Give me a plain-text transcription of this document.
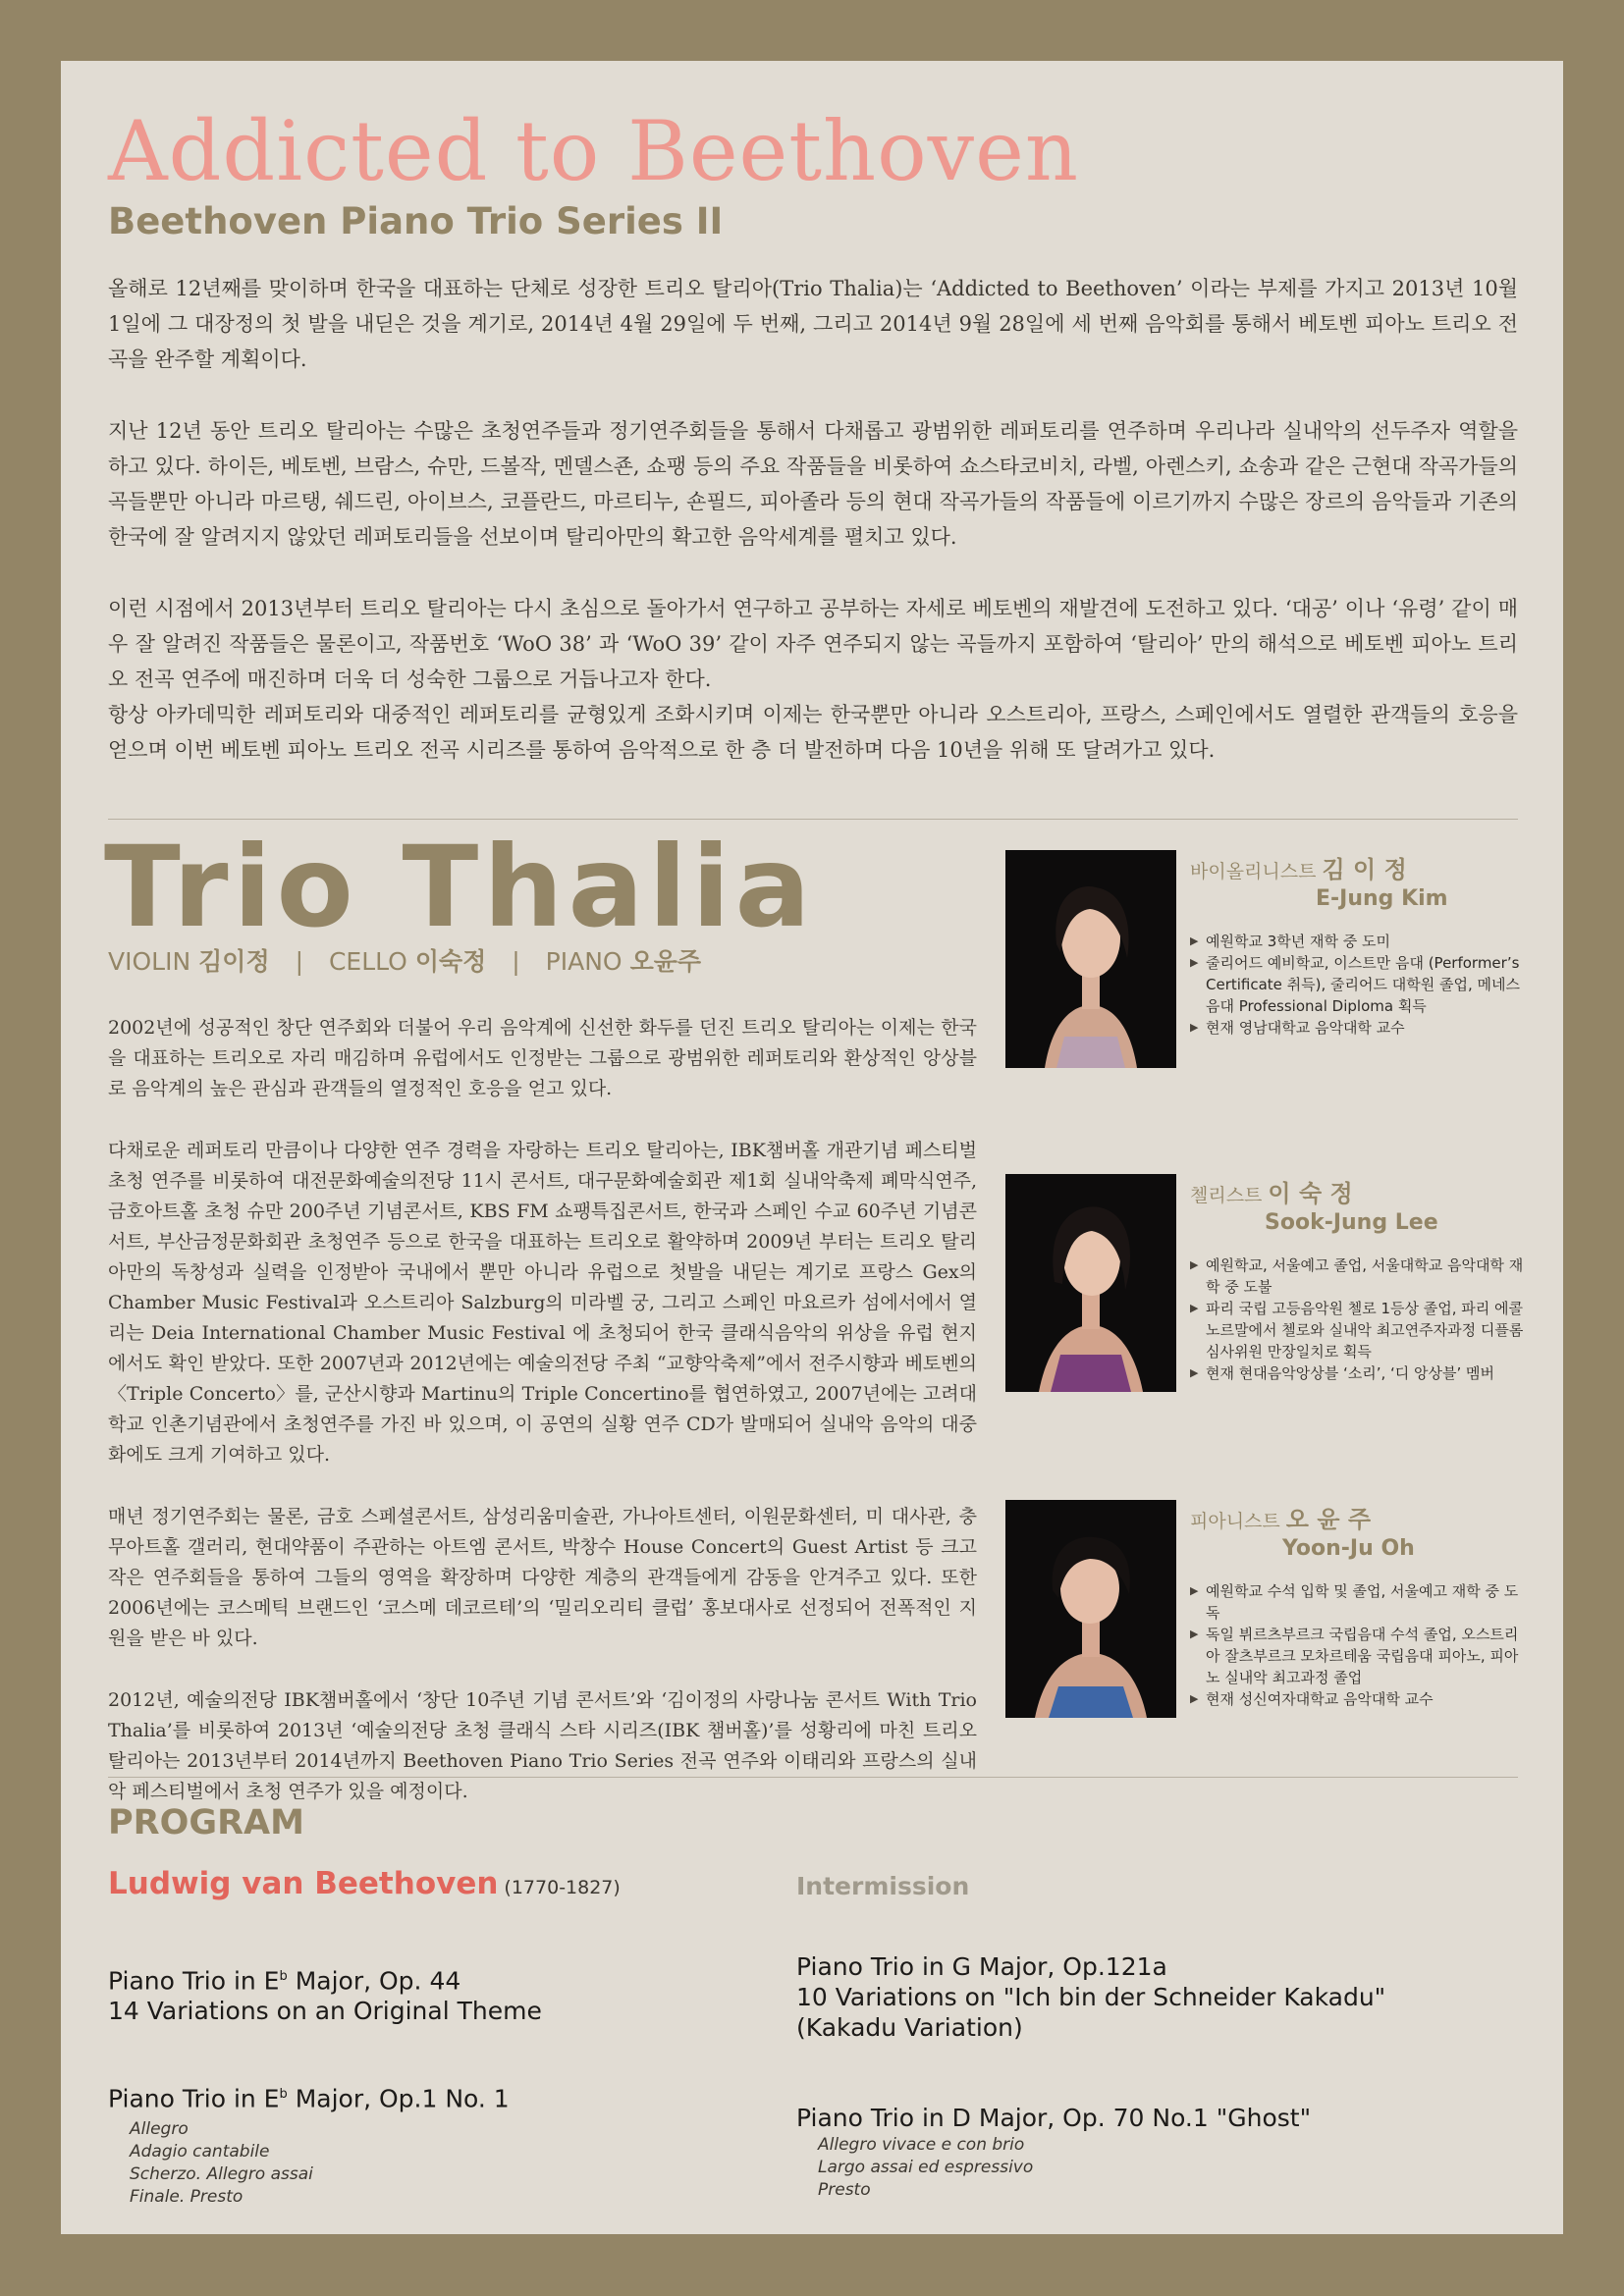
Addicted to Beethoven
Beethoven Piano Trio Series II

올해로 12년째를 맞이하며 한국을 대표하는 단체로 성장한 트리오 탈리아(Trio Thalia)는 ‘Addicted to Beethoven’ 이라는 부제를 가지고 2013년 10월 1일에 그 대장정의 첫 발을 내딛은 것을 계기로, 2014년 4월 29일에 두 번째, 그리고 2014년 9월 28일에 세 번째 음악회를 통해서 베토벤 피아노 트리오 전곡을 완주할 계획이다.

지난 12년 동안 트리오 탈리아는 수많은 초청연주들과 정기연주회들을 통해서 다채롭고 광범위한 레퍼토리를 연주하며 우리나라 실내악의 선두주자 역할을 하고 있다. 하이든, 베토벤, 브람스, 슈만, 드볼작, 멘델스죤, 쇼팽 등의 주요 작품들을 비롯하여 쇼스타코비치, 라벨, 아렌스키, 쇼송과 같은 근현대 작곡가들의 곡들뿐만 아니라 마르탱, 쉐드린, 아이브스, 코플란드, 마르티누, 숀필드, 피아졸라 등의 현대 작곡가들의 작품들에 이르기까지 수많은 장르의 음악들과 기존의 한국에 잘 알려지지 않았던 레퍼토리들을 선보이며 탈리아만의 확고한 음악세계를 펼치고 있다.

이런 시점에서 2013년부터 트리오 탈리아는 다시 초심으로 돌아가서 연구하고 공부하는 자세로 베토벤의 재발견에 도전하고 있다. ‘대공’ 이나 ‘유령’ 같이 매우 잘 알려진 작품들은 물론이고, 작품번호 ‘WoO 38’ 과 ‘WoO 39’ 같이 자주 연주되지 않는 곡들까지 포함하여 ‘탈리아’ 만의 해석으로 베토벤 피아노 트리오 전곡 연주에 매진하며 더욱 더 성숙한 그룹으로 거듭나고자 한다.

항상 아카데믹한 레퍼토리와 대중적인 레퍼토리를 균형있게 조화시키며 이제는 한국뿐만 아니라 오스트리아, 프랑스, 스페인에서도 열렬한 관객들의 호응을 얻으며 이번 베토벤 피아노 트리오 전곡 시리즈를 통하여 음악적으로 한 층 더 발전하며 다음 10년을 위해 또 달려가고 있다.

Trio Thalia
VIOLIN 김이정 | CELLO 이숙정 | PIANO 오윤주

2002년에 성공적인 창단 연주회와 더불어 우리 음악계에 신선한 화두를 던진 트리오 탈리아는 이제는 한국을 대표하는 트리오로 자리 매김하며 유럽에서도 인정받는 그룹으로 광범위한 레퍼토리와 환상적인 앙상블로 음악계의 높은 관심과 관객들의 열정적인 호응을 얻고 있다.

다채로운 레퍼토리 만큼이나 다양한 연주 경력을 자랑하는 트리오 탈리아는, IBK챔버홀 개관기념 페스티벌 초청 연주를 비롯하여 대전문화예술의전당 11시 콘서트, 대구문화예술회관 제1회 실내악축제 폐막식연주, 금호아트홀 초청 슈만 200주년 기념콘서트, KBS FM 쇼팽특집콘서트, 한국과 스페인 수교 60주년 기념콘서트, 부산금정문화회관 초청연주 등으로 한국을 대표하는 트리오로 활약하며 2009년 부터는 트리오 탈리아만의 독창성과 실력을 인정받아 국내에서 뿐만 아니라 유럽으로 첫발을 내딛는 계기로 프랑스 Gex의 Chamber Music Festival과 오스트리아 Salzburg의 미라벨 궁, 그리고 스페인 마요르카 섬에서에서 열리는 Deia International Chamber Music Festival 에 초청되어 한국 클래식음악의 위상을 유럽 현지에서도 확인 받았다. 또한 2007년과 2012년에는 예술의전당 주최 “교향악축제”에서 전주시향과 베토벤의 〈Triple Concerto〉를, 군산시향과 Martinu의 Triple Concertino를 협연하였고, 2007년에는 고려대학교 인촌기념관에서 초청연주를 가진 바 있으며, 이 공연의 실황 연주 CD가 발매되어 실내악 음악의 대중화에도 크게 기여하고 있다.

매년 정기연주회는 물론, 금호 스페셜콘서트, 삼성리움미술관, 가나아트센터, 이원문화센터, 미 대사관, 충무아트홀 갤러리, 현대약품이 주관하는 아트엠 콘서트, 박창수 House Concert의 Guest Artist 등 크고 작은 연주회들을 통하여 그들의 영역을 확장하며 다양한 계층의 관객들에게 감동을 안겨주고 있다. 또한 2006년에는 코스메틱 브랜드인 ‘코스메 데코르테’의 ‘밀리오리티 클럽’ 홍보대사로 선정되어 전폭적인 지원을 받은 바 있다.

2012년, 예술의전당 IBK챔버홀에서 ‘창단 10주년 기념 콘서트’와 ‘김이정의 사랑나눔 콘서트 With Trio Thalia’를 비롯하여 2013년 ‘예술의전당 초청 클래식 스타 시리즈(IBK 챔버홀)’를 성황리에 마친 트리오 탈리아는 2013년부터 2014년까지 Beethoven Piano Trio Series 전곡 연주와 이태리와 프랑스의 실내악 페스티벌에서 초청 연주가 있을 예정이다.

바이올리니스트 김 이 정
E-Jung Kim
▶ 예원학교 3학년 재학 중 도미
▶ 줄리어드 예비학교, 이스트만 음대 (Performer’s Certificate 취득), 줄리어드 대학원 졸업, 메네스 음대 Professional Diploma 획득
▶ 현재 영남대학교 음악대학 교수
첼리스트 이 숙 정
Sook-Jung Lee
▶ 예원학교, 서울예고 졸업, 서울대학교 음악대학 재학 중 도불
▶ 파리 국립 고등음악원 첼로 1등상 졸업, 파리 에콜 노르말에서 첼로와 실내악 최고연주자과정 디플롬 심사위원 만장일치로 획득
▶ 현재 현대음악앙상블 ‘소리’, ‘디 앙상블’ 멤버
피아니스트 오 윤 주
Yoon-Ju Oh
▶ 예원학교 수석 입학 및 졸업, 서울예고 재학 중 도독
▶ 독일 뷔르츠부르크 국립음대 수석 졸업, 오스트리아 잘츠부르크 모차르테움 국립음대 피아노, 피아노 실내악 최고과정 졸업
▶ 현재 성신여자대학교 음악대학 교수
PROGRAM
Ludwig van Beethoven (1770-1827)	Intermission
Piano Trio in $E^b$ Major, Op. 44
14 Variations on an Original Theme
Piano Trio in $E^b$ Major, Op.1 No. 1
Allegro
Adagio cantabile
Scherzo. Allegro assai
Finale. Presto
Piano Trio in G Major, Op.121a
10 Variations on "Ich bin der Schneider Kakadu"
(Kakadu Variation)
Piano Trio in D Major, Op. 70 No.1 "Ghost"
Allegro vivace e con brio
Largo assai ed espressivo
Presto
